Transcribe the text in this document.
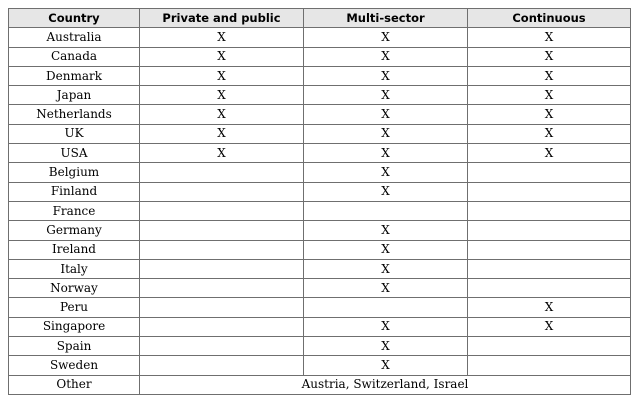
Country	Private and public	Multi-sector	Continuous
Australia	X	X	X
Canada	X	X	X
Denmark	X	X	X
Japan	X	X	X
Netherlands	X	X	X
UK	X	X	X
USA	X	X	X
Belgium		X	
Finland		X	
France			
Germany		X	
Ireland		X	
Italy		X	
Norway		X	
Peru			X
Singapore		X	X
Spain		X	
Sweden		X	
Other	Austria, Switzerland, Israel		
